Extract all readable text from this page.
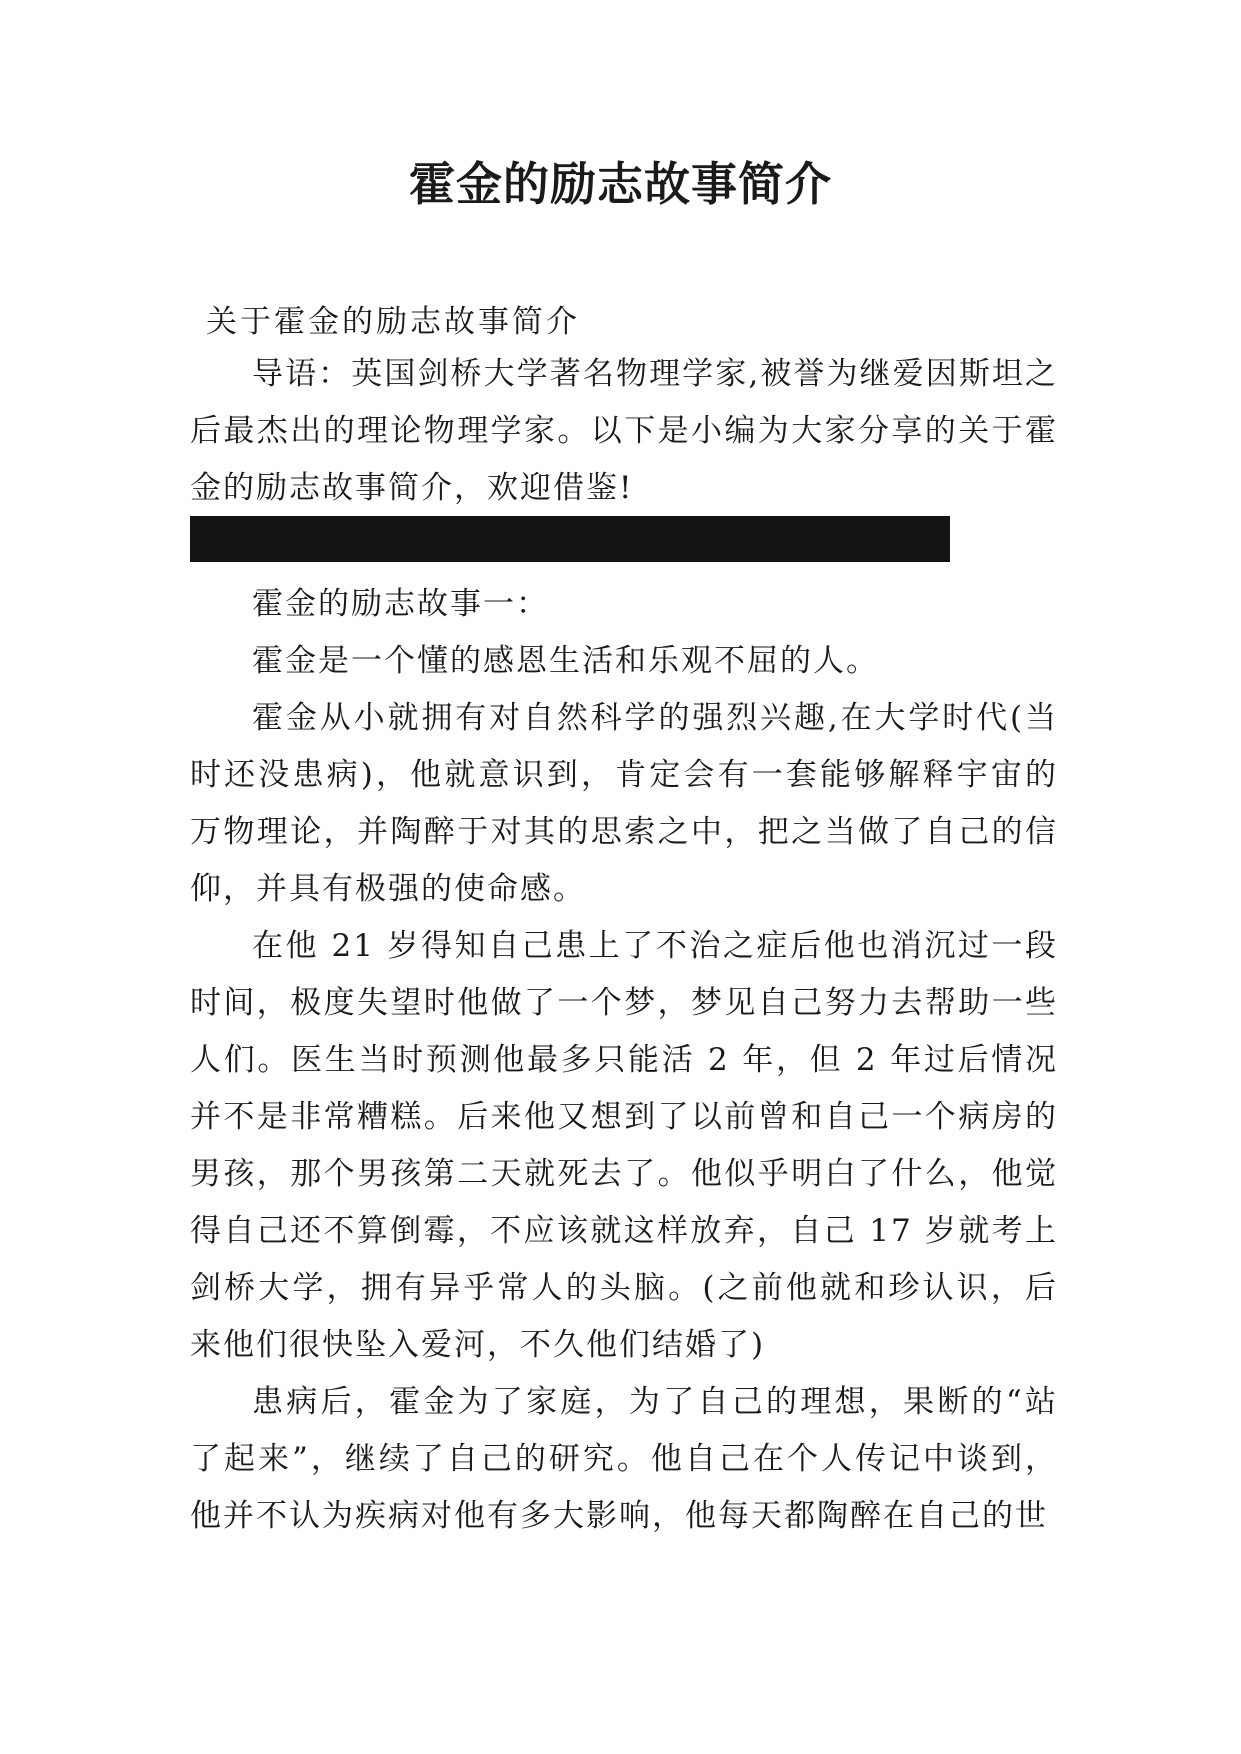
霍金的励志故事简介
关于霍金的励志故事简介

导语：英国剑桥大学著名物理学家,被誉为继爱因斯坦之后最杰出的理论物理学家。以下是小编为大家分享的关于霍金的励志故事简介，欢迎借鉴!

霍金的励志故事一：

霍金是一个懂的感恩生活和乐观不屈的人。

霍金从小就拥有对自然科学的强烈兴趣,在大学时代(当时还没患病)，他就意识到，肯定会有一套能够解释宇宙的万物理论，并陶醉于对其的思索之中，把之当做了自己的信仰，并具有极强的使命感。

在他 21 岁得知自己患上了不治之症后他也消沉过一段时间，极度失望时他做了一个梦，梦见自己努力去帮助一些人们。医生当时预测他最多只能活 2 年，但 2 年过后情况并不是非常糟糕。后来他又想到了以前曾和自己一个病房的男孩，那个男孩第二天就死去了。他似乎明白了什么，他觉得自己还不算倒霉，不应该就这样放弃，自己 17 岁就考上剑桥大学，拥有异乎常人的头脑。(之前他就和珍认识，后来他们很快坠入爱河，不久他们结婚了)

患病后，霍金为了家庭，为了自己的理想，果断的“站了起来”，继续了自己的研究。他自己在个人传记中谈到，他并不认为疾病对他有多大影响，他每天都陶醉在自己的世
